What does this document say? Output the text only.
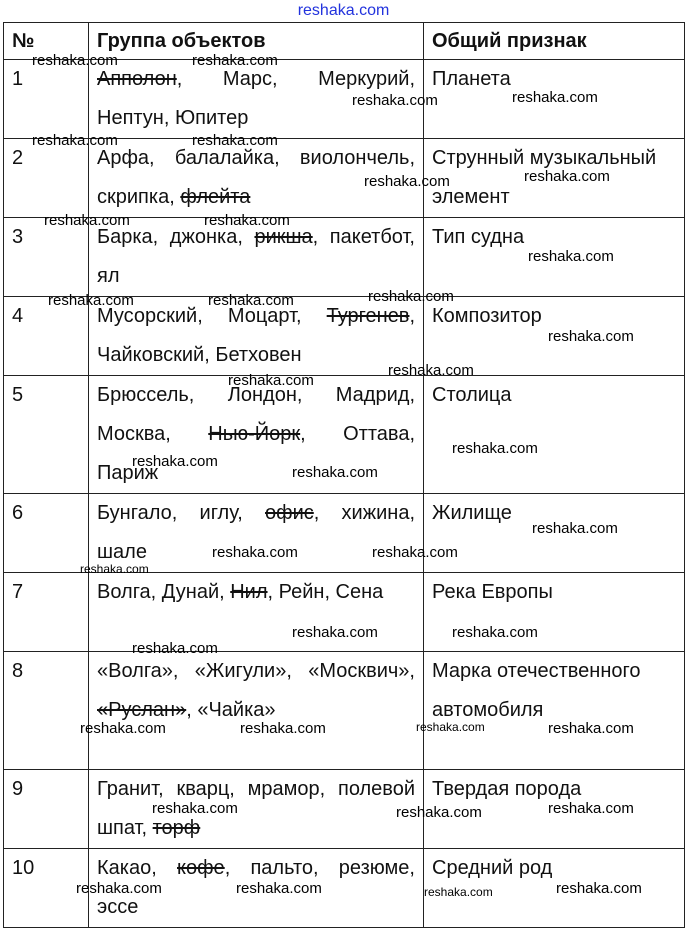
reshaka.com
№	Группа объектов	Общий признак
1	Апполон, Марс, Меркурий, Нептун, Юпитер	Планета
2	Арфа, балалайка, виолончель, скрипка, флейта	Струнный музыкальный элемент
3	Барка, джонка, рикша, пакетбот, ял	Тип судна
4	Мусорский, Моцарт, Тургенев, Чайковский, Бетховен	Композитор
5	Брюссель, Лондон, Мадрид, Москва, Нью-Йорк, Оттава, Париж	Столица
6	Бунгало, иглу, офис, хижина, шале	Жилище
7	Волга, Дунай, Нил, Рейн, Сена	Река Европы
8	«Волга», «Жигули», «Москвич», «Руслан», «Чайка»	Марка отечественного автомобиля
9	Гранит, кварц, мрамор, полевой шпат, торф	Твердая порода
10	Какао, кофе, пальто, резюме, эссе	Средний род
reshaka.com	reshaka.com
reshaka.com	reshaka.com
reshaka.com	reshaka.com
reshaka.com	reshaka.com
reshaka.com	reshaka.com
reshaka.com
reshaka.com
reshaka.com	reshaka.com
reshaka.com
reshaka.com
reshaka.com
reshaka.com
reshaka.com
reshaka.com
reshaka.com
reshaka.com	reshaka.com
reshaka.com
reshaka.com
reshaka.com	reshaka.com
reshaka.com	reshaka.com	reshaka.com	reshaka.com
reshaka.com	reshaka.com	reshaka.com
reshaka.com	reshaka.com	reshaka.com	reshaka.com
